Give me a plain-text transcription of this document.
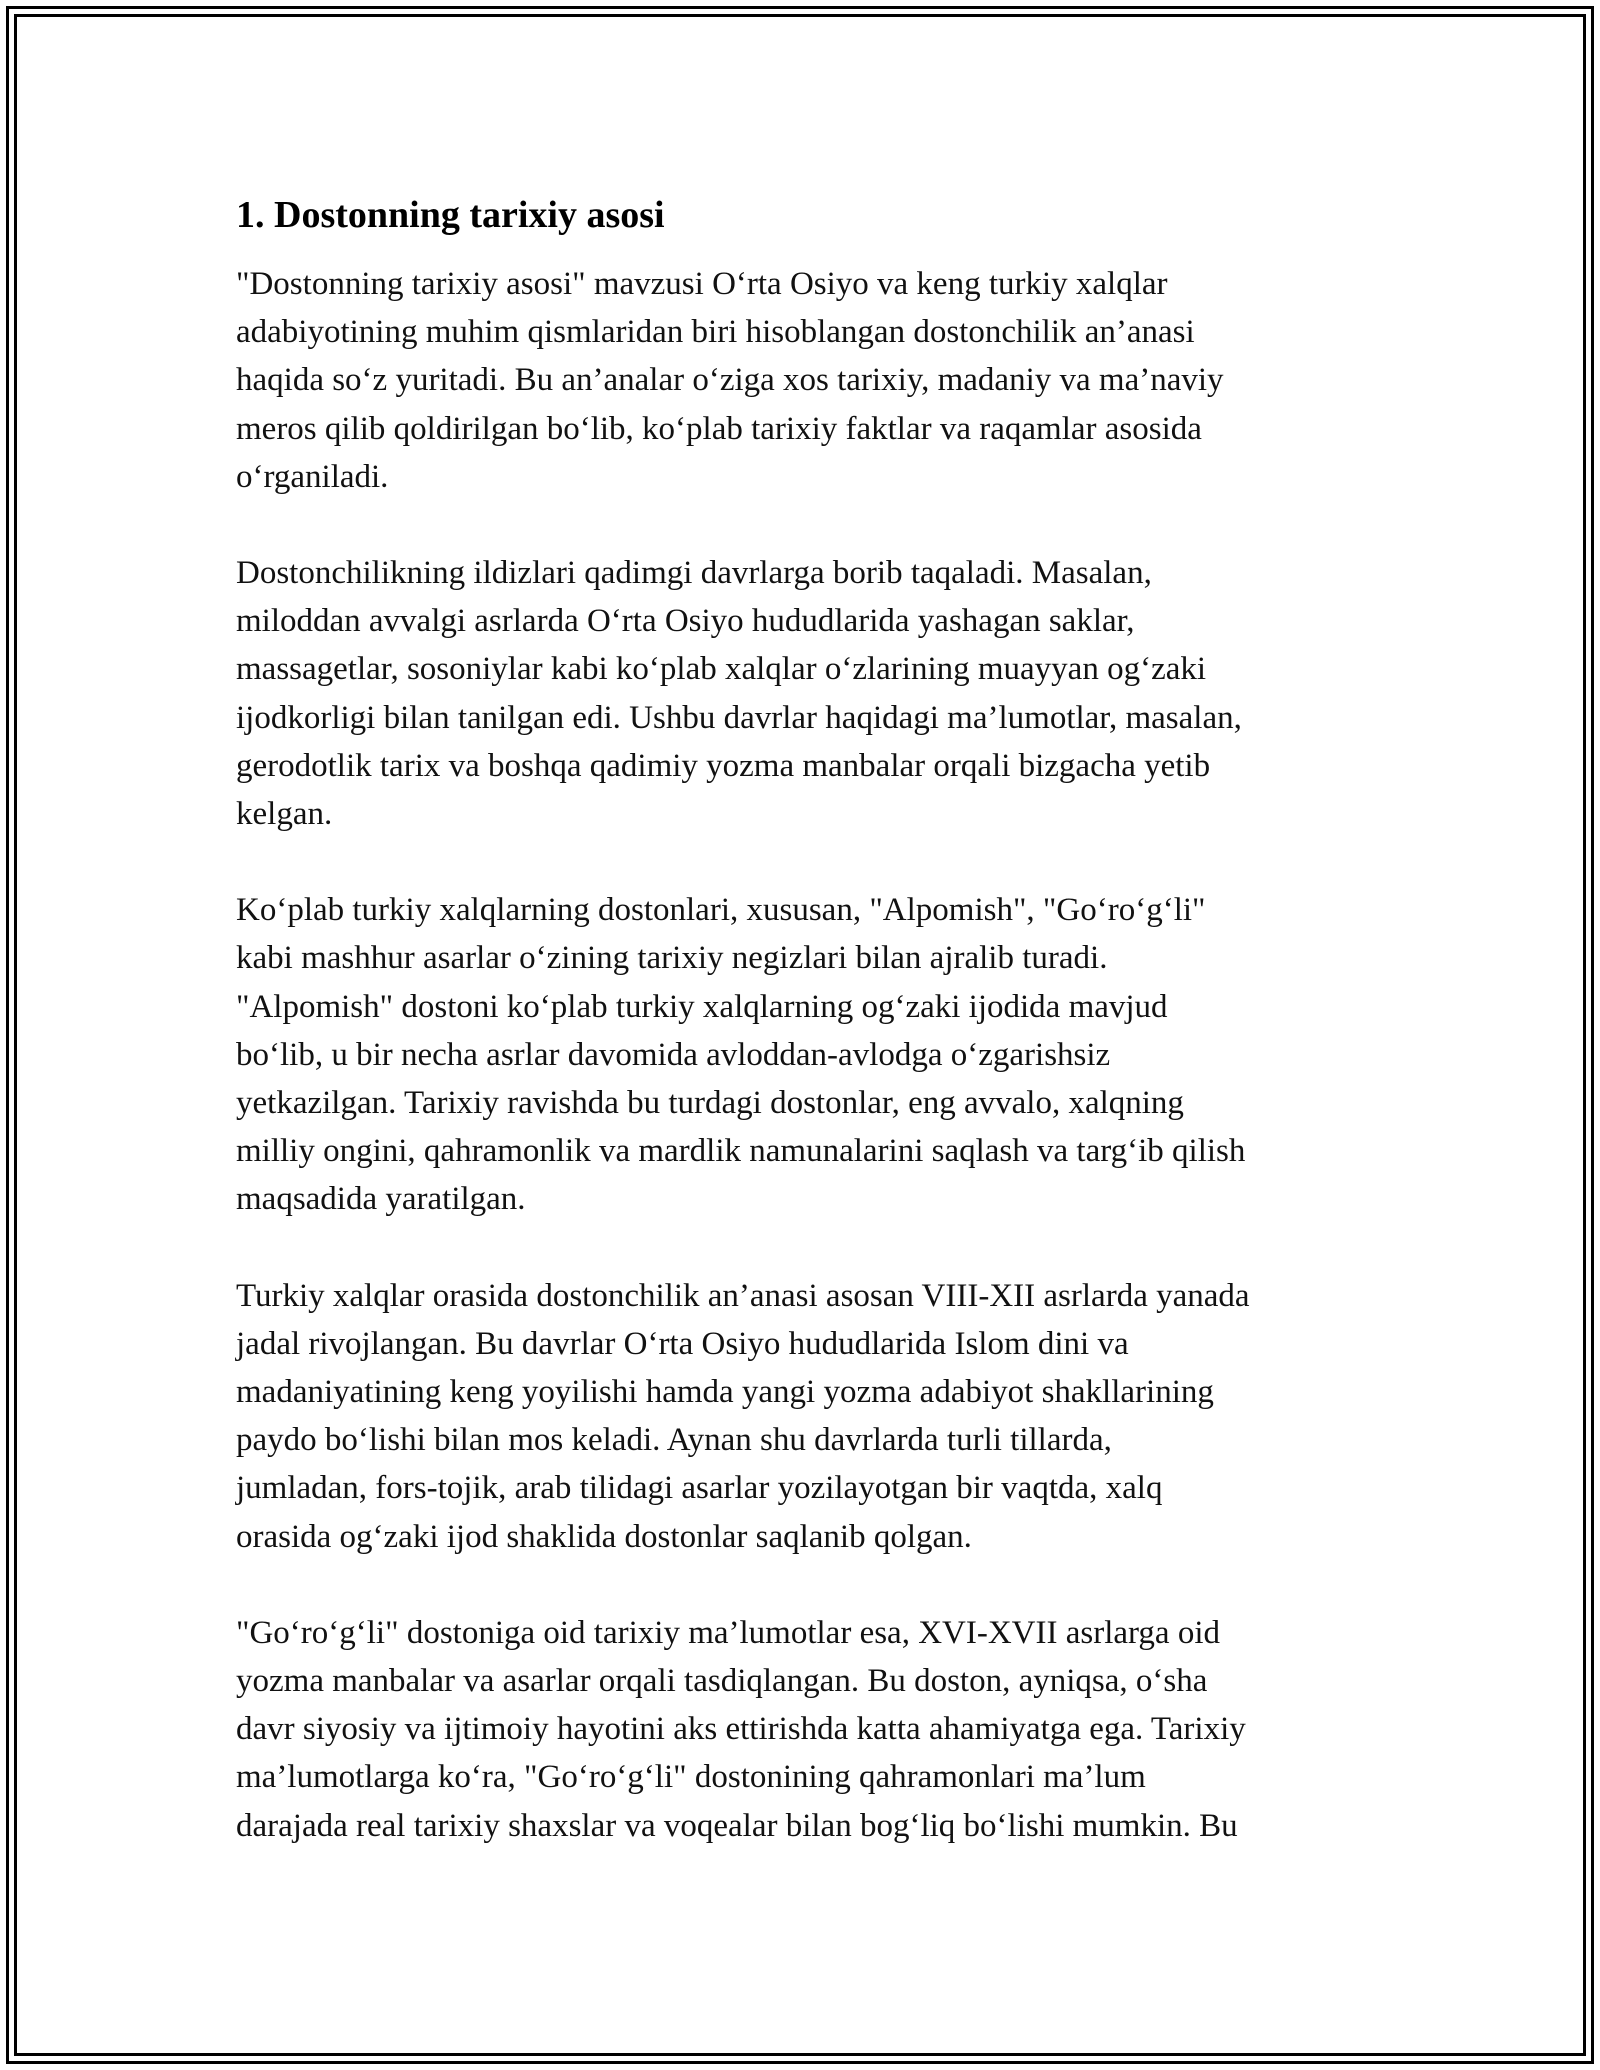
1. Dostonning tarixiy asosi
"Dostonning tarixiy asosi" mavzusi O‘rta Osiyo va keng turkiy xalqlar
adabiyotining muhim qismlaridan biri hisoblangan dostonchilik an’anasi
haqida so‘z yuritadi. Bu an’analar o‘ziga xos tarixiy, madaniy va ma’naviy
meros qilib qoldirilgan bo‘lib, ko‘plab tarixiy faktlar va raqamlar asosida
o‘rganiladi.
Dostonchilikning ildizlari qadimgi davrlarga borib taqaladi. Masalan,
miloddan avvalgi asrlarda O‘rta Osiyo hududlarida yashagan saklar,
massagetlar, sosoniylar kabi ko‘plab xalqlar o‘zlarining muayyan og‘zaki
ijodkorligi bilan tanilgan edi. Ushbu davrlar haqidagi ma’lumotlar, masalan,
gerodotlik tarix va boshqa qadimiy yozma manbalar orqali bizgacha yetib
kelgan.
Ko‘plab turkiy xalqlarning dostonlari, xususan, "Alpomish", "Go‘ro‘g‘li"
kabi mashhur asarlar o‘zining tarixiy negizlari bilan ajralib turadi.
"Alpomish" dostoni ko‘plab turkiy xalqlarning og‘zaki ijodida mavjud
bo‘lib, u bir necha asrlar davomida avloddan-avlodga o‘zgarishsiz
yetkazilgan. Tarixiy ravishda bu turdagi dostonlar, eng avvalo, xalqning
milliy ongini, qahramonlik va mardlik namunalarini saqlash va targ‘ib qilish
maqsadida yaratilgan.
Turkiy xalqlar orasida dostonchilik an’anasi asosan VIII-XII asrlarda yanada
jadal rivojlangan. Bu davrlar O‘rta Osiyo hududlarida Islom dini va
madaniyatining keng yoyilishi hamda yangi yozma adabiyot shakllarining
paydo bo‘lishi bilan mos keladi. Aynan shu davrlarda turli tillarda,
jumladan, fors-tojik, arab tilidagi asarlar yozilayotgan bir vaqtda, xalq
orasida og‘zaki ijod shaklida dostonlar saqlanib qolgan.
"Go‘ro‘g‘li" dostoniga oid tarixiy ma’lumotlar esa, XVI-XVII asrlarga oid
yozma manbalar va asarlar orqali tasdiqlangan. Bu doston, ayniqsa, o‘sha
davr siyosiy va ijtimoiy hayotini aks ettirishda katta ahamiyatga ega. Tarixiy
ma’lumotlarga ko‘ra, "Go‘ro‘g‘li" dostonining qahramonlari ma’lum
darajada real tarixiy shaxslar va voqealar bilan bog‘liq bo‘lishi mumkin. Bu
